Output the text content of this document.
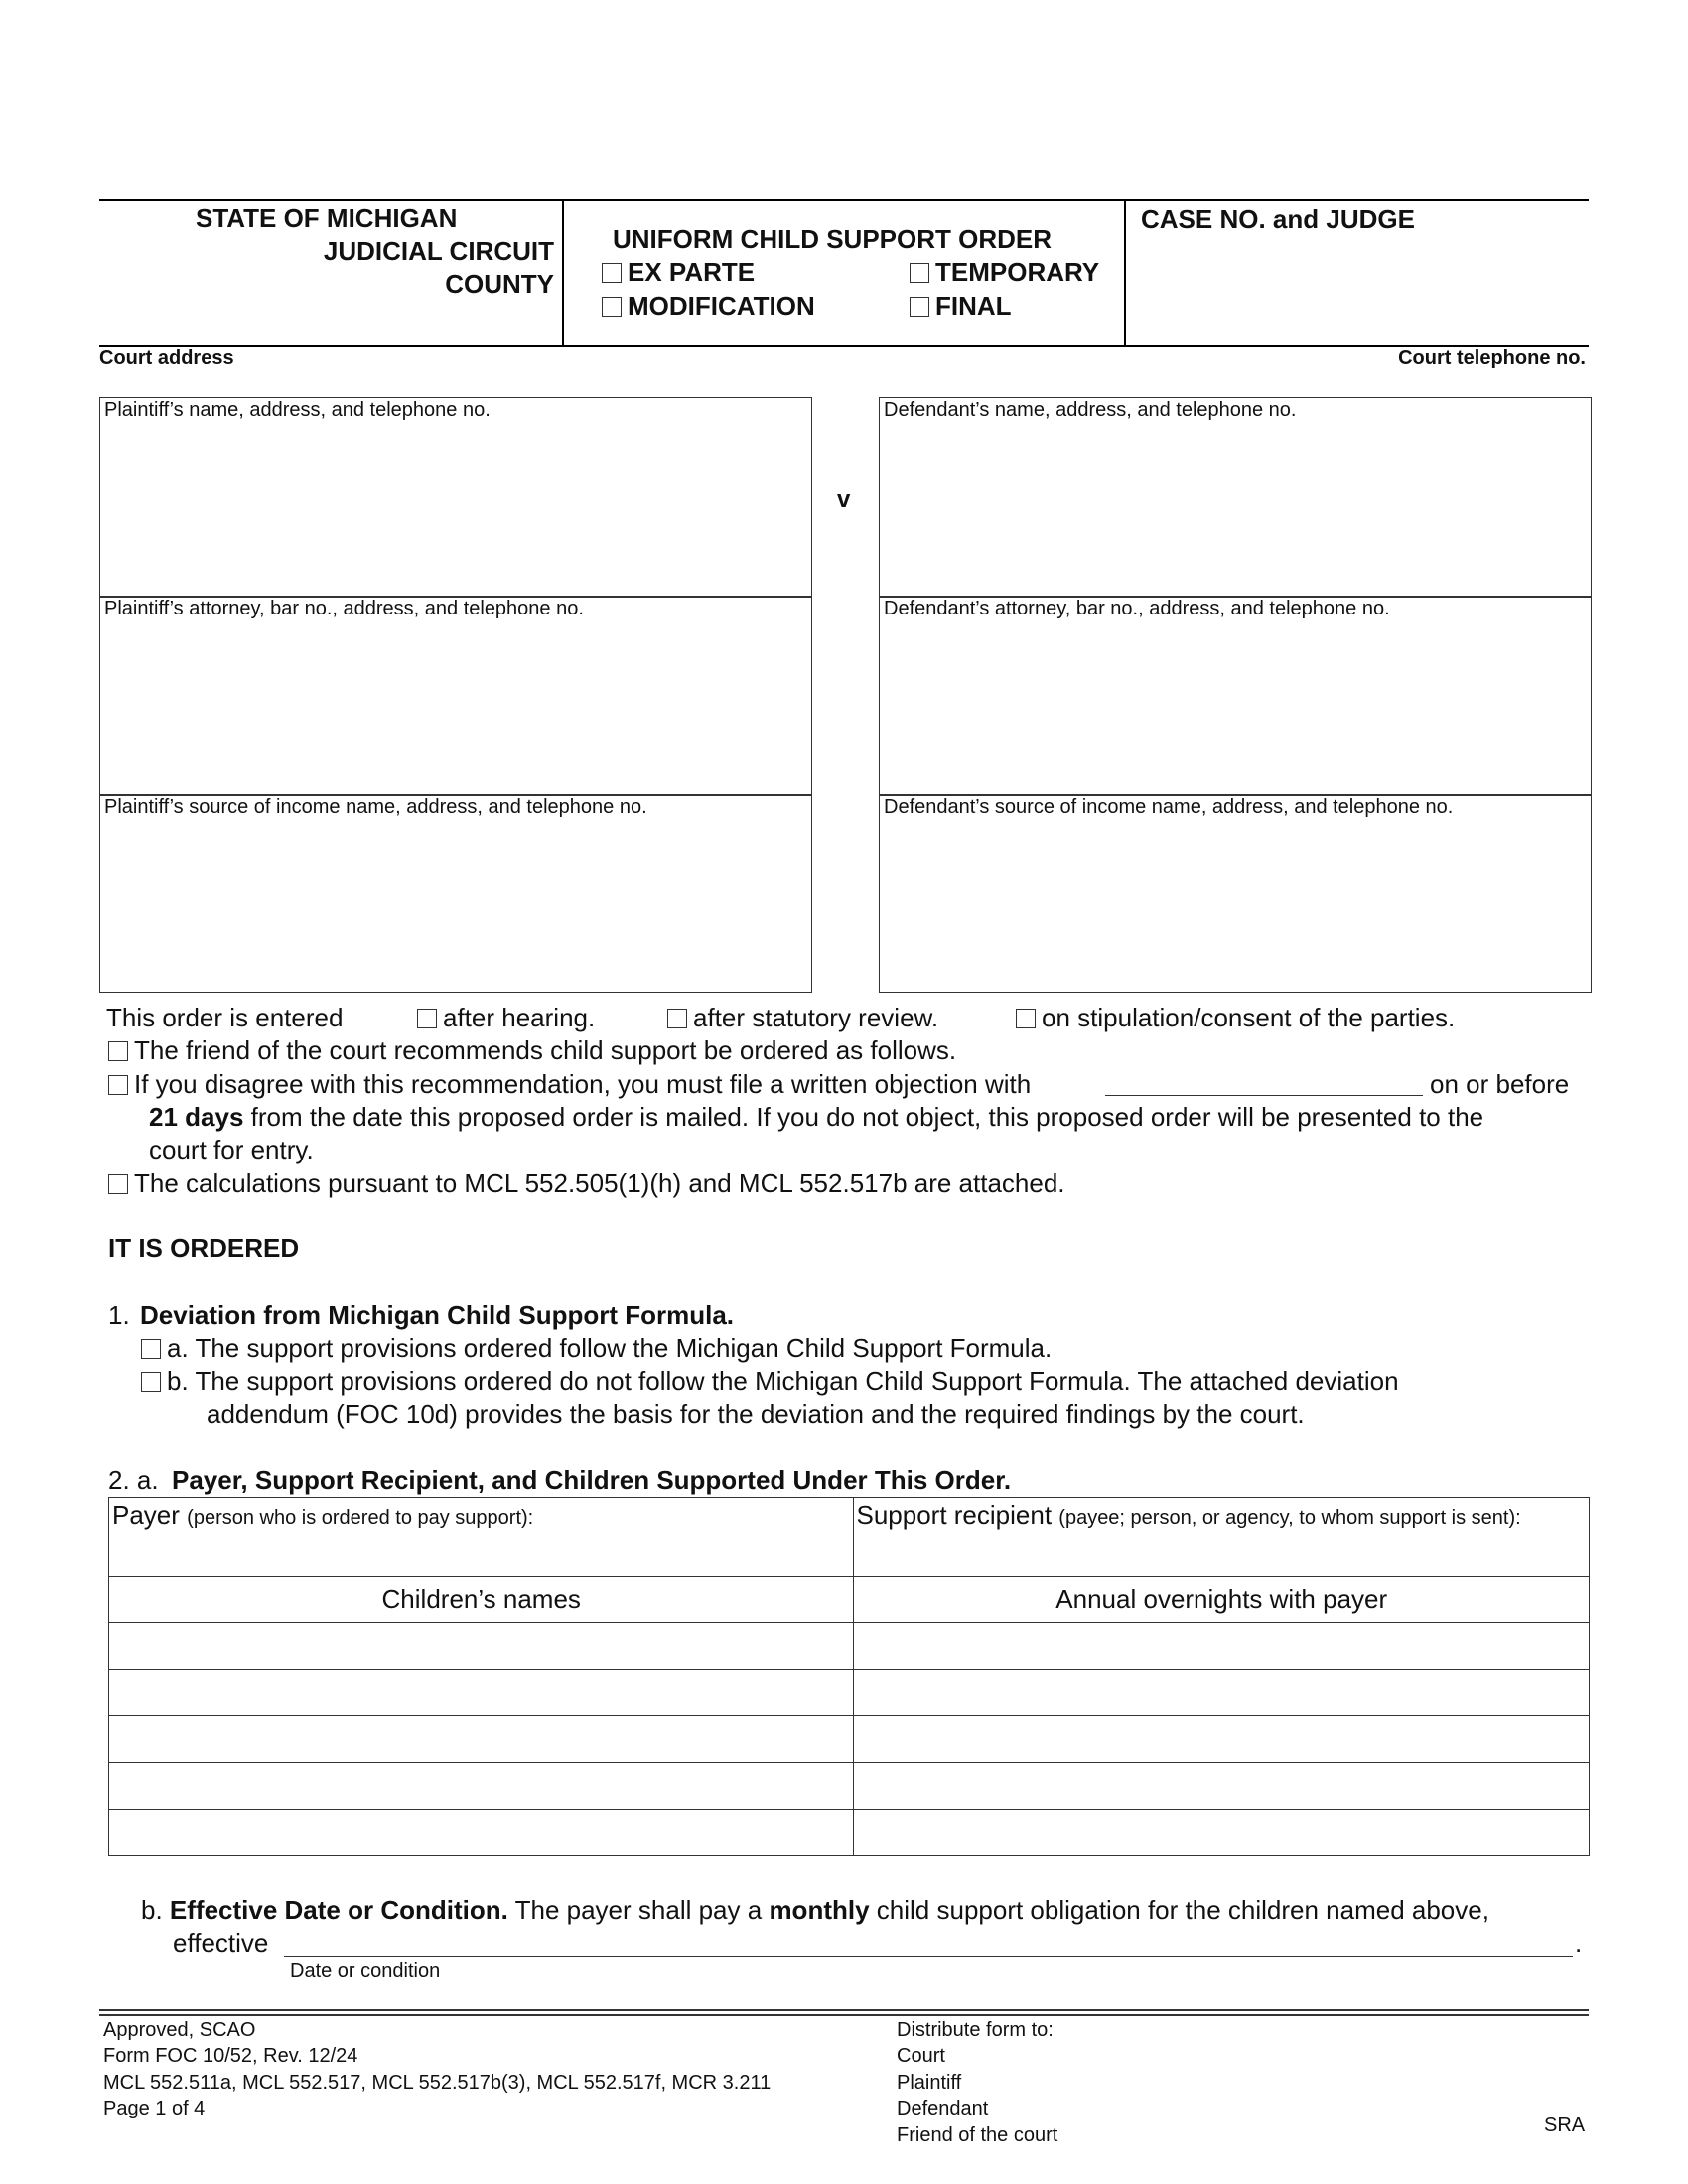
STATE OF MICHIGAN
JUDICIAL CIRCUIT
COUNTY
UNIFORM CHILD SUPPORT ORDER
EX PARTE	TEMPORARY
MODIFICATION	FINAL
CASE NO. and JUDGE
Court address	Court telephone no.
Plaintiff’s name, address, and telephone no.
Plaintiff’s attorney, bar no., address, and telephone no.
Plaintiff’s source of income name, address, and telephone no.
v
Defendant’s name, address, and telephone no.
Defendant’s attorney, bar no., address, and telephone no.
Defendant’s source of income name, address, and telephone no.
This order is entered	after hearing.	after statutory review.	on stipulation/consent of the parties.
The friend of the court recommends child support be ordered as follows.
If you disagree with this recommendation, you must file a written objection with	on or before
21 days from the date this proposed order is mailed. If you do not object, this proposed order will be presented to the
court for entry.
The calculations pursuant to MCL 552.505(1)(h) and MCL 552.517b are attached.
IT IS ORDERED
1. Deviation from Michigan Child Support Formula.
a. The support provisions ordered follow the Michigan Child Support Formula.
b. The support provisions ordered do not follow the Michigan Child Support Formula. The attached deviation
addendum (FOC 10d) provides the basis for the deviation and the required findings by the court.
2. a. Payer, Support Recipient, and Children Supported Under This Order.
Payer (person who is ordered to pay support):	Support recipient (payee; person, or agency, to whom support is sent):
Children’s names	Annual overnights with payer

b. Effective Date or Condition. The payer shall pay a monthly child support obligation for the children named above,
effective	.
Date or condition
Approved, SCAO
Form FOC 10/52, Rev. 12/24
MCL 552.511a, MCL 552.517, MCL 552.517b(3), MCL 552.517f, MCR 3.211
Page 1 of 4
Distribute form to:
Court
Plaintiff
Defendant
Friend of the court	SRA
